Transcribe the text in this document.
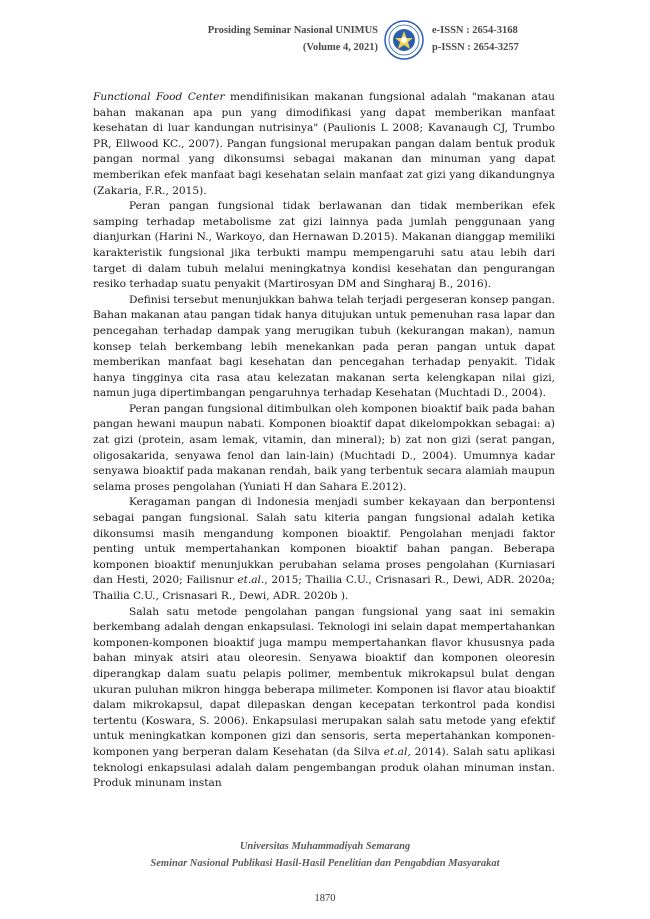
Prosiding Seminar Nasional UNIMUS
(Volume 4, 2021)
e-ISSN : 2654-3168
p-ISSN : 2654-3257

Functional Food Center mendifinisikan makanan fungsional adalah "makanan atau bahan makanan apa pun yang dimodifikasi yang dapat memberikan manfaat kesehatan di luar kandungan nutrisinya" (Paulionis L 2008; Kavanaugh CJ, Trumbo PR, Ellwood KC., 2007). Pangan fungsional merupakan pangan dalam bentuk produk pangan normal yang dikonsumsi sebagai makanan dan minuman yang dapat memberikan efek manfaat bagi kesehatan selain manfaat zat gizi yang dikandungnya (Zakaria, F.R., 2015).

Peran pangan fungsional tidak berlawanan dan tidak memberikan efek samping terhadap metabolisme zat gizi lainnya pada jumlah penggunaan yang dianjurkan (Harini N., Warkoyo, dan Hernawan D.2015). Makanan dianggap memiliki karakteristik fungsional jika terbukti mampu mempengaruhi satu atau lebih dari target di dalam tubuh melalui meningkatnya kondisi kesehatan dan pengurangan resiko terhadap suatu penyakit (Martirosyan DM and Singharaj B., 2016).

Definisi tersebut menunjukkan bahwa telah terjadi pergeseran konsep pangan. Bahan makanan atau pangan tidak hanya ditujukan untuk pemenuhan rasa lapar dan pencegahan terhadap dampak yang merugikan tubuh (kekurangan makan), namun konsep telah berkembang lebih menekankan pada peran pangan untuk dapat memberikan manfaat bagi kesehatan dan pencegahan terhadap penyakit. Tidak hanya tingginya cita rasa atau kelezatan makanan serta kelengkapan nilai gizi, namun juga dipertimbangan pengaruhnya terhadap Kesehatan (Muchtadi D., 2004).

Peran pangan fungsional ditimbulkan oleh komponen bioaktif baik pada bahan pangan hewani maupun nabati. Komponen bioaktif dapat dikelompokkan sebagai: a) zat gizi (protein, asam lemak, vitamin, dan mineral); b) zat non gizi (serat pangan, oligosakarida, senyawa fenol dan lain-lain) (Muchtadi D., 2004). Umumnya kadar senyawa bioaktif pada makanan rendah, baik yang terbentuk secara alamiah maupun selama proses pengolahan (Yuniati H dan Sahara E.2012).

Keragaman pangan di Indonesia menjadi sumber kekayaan dan berpontensi sebagai pangan fungsional. Salah satu kiteria pangan fungsional adalah ketika dikonsumsi masih mengandung komponen bioaktif. Pengolahan menjadi faktor penting untuk mempertahankan komponen bioaktif bahan pangan. Beberapa komponen bioaktif menunjukkan perubahan selama proses pengolahan (Kurniasari dan Hesti, 2020; Failisnur et.al., 2015; Thailia C.U., Crisnasari R., Dewi, ADR. 2020a; Thailia C.U., Crisnasari R., Dewi, ADR. 2020b ).

Salah satu metode pengolahan pangan fungsional yang saat ini semakin berkembang adalah dengan enkapsulasi. Teknologi ini selain dapat mempertahankan komponen-komponen bioaktif juga mampu mempertahankan flavor khususnya pada bahan minyak atsiri atau oleoresin. Senyawa bioaktif dan komponen oleoresin diperangkap dalam suatu pelapis polimer, membentuk mikrokapsul bulat dengan ukuran puluhan mikron hingga beberapa milimeter. Komponen isi flavor atau bioaktif dalam mikrokapsul, dapat dilepaskan dengan kecepatan terkontrol pada kondisi tertentu (Koswara, S. 2006). Enkapsulasi merupakan salah satu metode yang efektif untuk meningkatkan komponen gizi dan sensoris, serta mepertahankan komponen-komponen yang berperan dalam Kesehatan (da Silva et.al, 2014). Salah satu aplikasi teknologi enkapsulasi adalah dalam pengembangan produk olahan minuman instan. Produk minunam instan

Universitas Muhammadiyah Semarang
Seminar Nasional Publikasi Hasil-Hasil Penelitian dan Pengabdian Masyarakat
1870
